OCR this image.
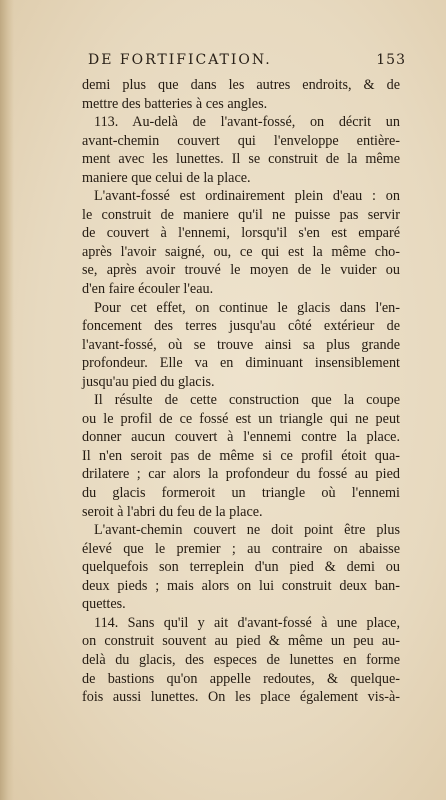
DE FORTIFICATION.	153
demi plus que dans les autres endroits, & de
mettre des batteries à ces angles.
113. Au-delà de l'avant-fossé, on décrit un
avant-chemin couvert qui l'enveloppe entière-
ment avec les lunettes. Il se construit de la même
maniere que celui de la place.
L'avant-fossé est ordinairement plein d'eau : on
le construit de maniere qu'il ne puisse pas servir
de couvert à l'ennemi, lorsqu'il s'en est emparé
après l'avoir saigné, ou, ce qui est la même cho-
se, après avoir trouvé le moyen de le vuider ou
d'en faire écouler l'eau.
Pour cet effet, on continue le glacis dans l'en-
foncement des terres jusqu'au côté extérieur de
l'avant-fossé, où se trouve ainsi sa plus grande
profondeur. Elle va en diminuant insensiblement
jusqu'au pied du glacis.
Il résulte de cette construction que la coupe
ou le profil de ce fossé est un triangle qui ne peut
donner aucun couvert à l'ennemi contre la place.
Il n'en seroit pas de même si ce profil étoit qua-
drilatere ; car alors la profondeur du fossé au pied
du glacis formeroit un triangle où l'ennemi
seroit à l'abri du feu de la place.
L'avant-chemin couvert ne doit point être plus
élevé que le premier ; au contraire on abaisse
quelquefois son terreplein d'un pied & demi ou
deux pieds ; mais alors on lui construit deux ban-
quettes.
114. Sans qu'il y ait d'avant-fossé à une place,
on construit souvent au pied & même un peu au-
delà du glacis, des especes de lunettes en forme
de bastions qu'on appelle redoutes, & quelque-
fois aussi lunettes. On les place également vis-à-
